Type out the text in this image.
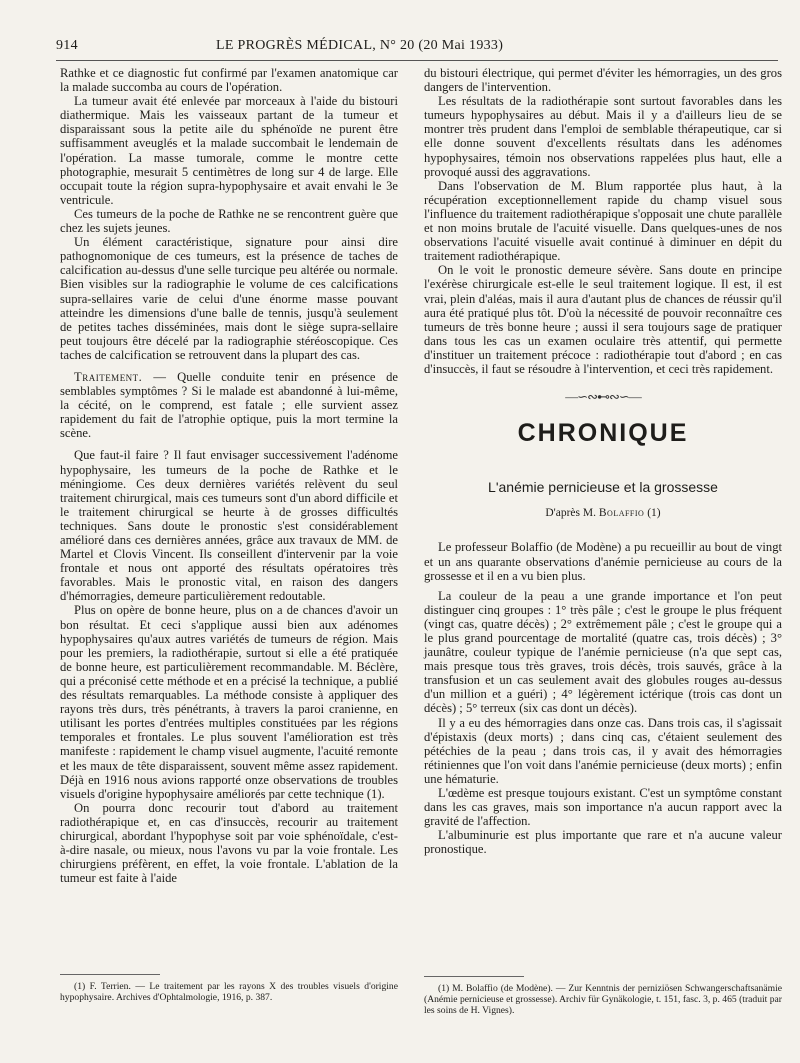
914	LE PROGRÈS MÉDICAL, N° 20 (20 Mai 1933)

Rathke et ce diagnostic fut confirmé par l'examen anatomique car la malade succomba au cours de l'opération.

La tumeur avait été enlevée par morceaux à l'aide du bistouri diathermique. Mais les vaisseaux partant de la tumeur et disparaissant sous la petite aile du sphénoïde ne purent être suffisamment aveuglés et la malade succombait le lendemain de l'opération. La masse tumorale, comme le montre cette photographie, mesurait 5 centimètres de long sur 4 de large. Elle occupait toute la région supra-hypophysaire et avait envahi le 3e ventricule.

Ces tumeurs de la poche de Rathke ne se rencontrent guère que chez les sujets jeunes.

Un élément caractéristique, signature pour ainsi dire pathognomonique de ces tumeurs, est la présence de taches de calcification au-dessus d'une selle turcique peu altérée ou normale. Bien visibles sur la radiographie le volume de ces calcifications supra-sellaires varie de celui d'une énorme masse pouvant atteindre les dimensions d'une balle de tennis, jusqu'à seulement de petites taches disséminées, mais dont le siège supra-sellaire peut toujours être décelé par la radiographie stéréoscopique. Ces taches de calcification se retrouvent dans la plupart des cas.

Traitement. — Quelle conduite tenir en présence de semblables symptômes ? Si le malade est abandonné à lui-même, la cécité, on le comprend, est fatale ; elle survient assez rapidement du fait de l'atrophie optique, puis la mort termine la scène.

Que faut-il faire ? Il faut envisager successivement l'adénome hypophysaire, les tumeurs de la poche de Rathke et le méningiome. Ces deux dernières variétés relèvent du seul traitement chirurgical, mais ces tumeurs sont d'un abord difficile et le traitement chirurgical se heurte à de grosses difficultés techniques. Sans doute le pronostic s'est considérablement amélioré dans ces dernières années, grâce aux travaux de MM. de Martel et Clovis Vincent. Ils conseillent d'intervenir par la voie frontale et nous ont apporté des résultats opératoires très favorables. Mais le pronostic vital, en raison des dangers d'hémorragies, demeure particulièrement redoutable.

Plus on opère de bonne heure, plus on a de chances d'avoir un bon résultat. Et ceci s'applique aussi bien aux adénomes hypophysaires qu'aux autres variétés de tumeurs de région. Mais pour les premiers, la radiothérapie, surtout si elle a été pratiquée de bonne heure, est particulièrement recommandable. M. Béclère, qui a préconisé cette méthode et en a précisé la technique, a publié des résultats remarquables. La méthode consiste à appliquer des rayons très durs, très pénétrants, à travers la paroi cranienne, en utilisant les portes d'entrées multiples constituées par les régions temporales et frontales. Le plus souvent l'amélioration est très manifeste : rapidement le champ visuel augmente, l'acuité remonte et les maux de tête disparaissent, souvent même assez rapidement. Déjà en 1916 nous avions rapporté onze observations de troubles visuels d'origine hypophysaire améliorés par cette technique (1).

On pourra donc recourir tout d'abord au traitement radiothérapique et, en cas d'insuccès, recourir au traitement chirurgical, abordant l'hypophyse soit par voie sphénoïdale, c'est-à-dire nasale, ou mieux, nous l'avons vu par la voie frontale. Les chirurgiens préfèrent, en effet, la voie frontale. L'ablation de la tumeur est faite à l'aide

(1) F. Terrien. — Le traitement par les rayons X des troubles visuels d'origine hypophysaire. Archives d'Ophtalmologie, 1916, p. 387.

du bistouri électrique, qui permet d'éviter les hémorragies, un des gros dangers de l'intervention.

Les résultats de la radiothérapie sont surtout favorables dans les tumeurs hypophysaires au début. Mais il y a d'ailleurs lieu de se montrer très prudent dans l'emploi de semblable thérapeutique, car si elle donne souvent d'excellents résultats dans les adénomes hypophysaires, témoin nos observations rappelées plus haut, elle a provoqué aussi des aggravations.

Dans l'observation de M. Blum rapportée plus haut, à la récupération exceptionnellement rapide du champ visuel sous l'influence du traitement radiothérapique s'opposait une chute parallèle et non moins brutale de l'acuité visuelle. Dans quelques-unes de nos observations l'acuité visuelle avait continué à diminuer en dépit du traitement radiothérapique.

On le voit le pronostic demeure sévère. Sans doute en principe l'exérèse chirurgicale est-elle le seul traitement logique. Il est, il est vrai, plein d'aléas, mais il aura d'autant plus de chances de réussir qu'il aura été pratiqué plus tôt. D'où la nécessité de pouvoir reconnaître ces tumeurs de très bonne heure ; aussi il sera toujours sage de pratiquer dans tous les cas un examen oculaire très attentif, qui permette d'instituer un traitement précoce : radiothérapie tout d'abord ; en cas d'insuccès, il faut se résoudre à l'intervention, et ceci très rapidement.

—∽∾⊷∾∽—
CHRONIQUE
L'anémie pernicieuse et la grossesse
D'après M. Bolaffio (1)

Le professeur Bolaffio (de Modène) a pu recueillir au bout de vingt et un ans quarante observations d'anémie pernicieuse au cours de la grossesse et il en a vu bien plus.

La couleur de la peau a une grande importance et l'on peut distinguer cinq groupes : 1° très pâle ; c'est le groupe le plus fréquent (vingt cas, quatre décès) ; 2° extrêmement pâle ; c'est le groupe qui a le plus grand pourcentage de mortalité (quatre cas, trois décès) ; 3° jaunâtre, couleur typique de l'anémie pernicieuse (n'a que sept cas, mais presque tous très graves, trois décès, trois sauvés, grâce à la transfusion et un cas seulement avait des globules rouges au-dessus d'un million et a guéri) ; 4° légèrement ictérique (trois cas dont un décès) ; 5° terreux (six cas dont un décès).

Il y a eu des hémorragies dans onze cas. Dans trois cas, il s'agissait d'épistaxis (deux morts) ; dans cinq cas, c'étaient seulement des pétéchies de la peau ; dans trois cas, il y avait des hémorragies rétiniennes que l'on voit dans l'anémie pernicieuse (deux morts) ; enfin une hématurie.

L'œdème est presque toujours existant. C'est un symptôme constant dans les cas graves, mais son importance n'a aucun rapport avec la gravité de l'affection.

L'albuminurie est plus importante que rare et n'a aucune valeur pronostique.

(1) M. Bolaffio (de Modène). — Zur Kenntnis der perniziösen Schwangerschaftsanämie (Anémie pernicieuse et grossesse). Archiv für Gynäkologie, t. 151, fasc. 3, p. 465 (traduit par les soins de H. Vignes).
